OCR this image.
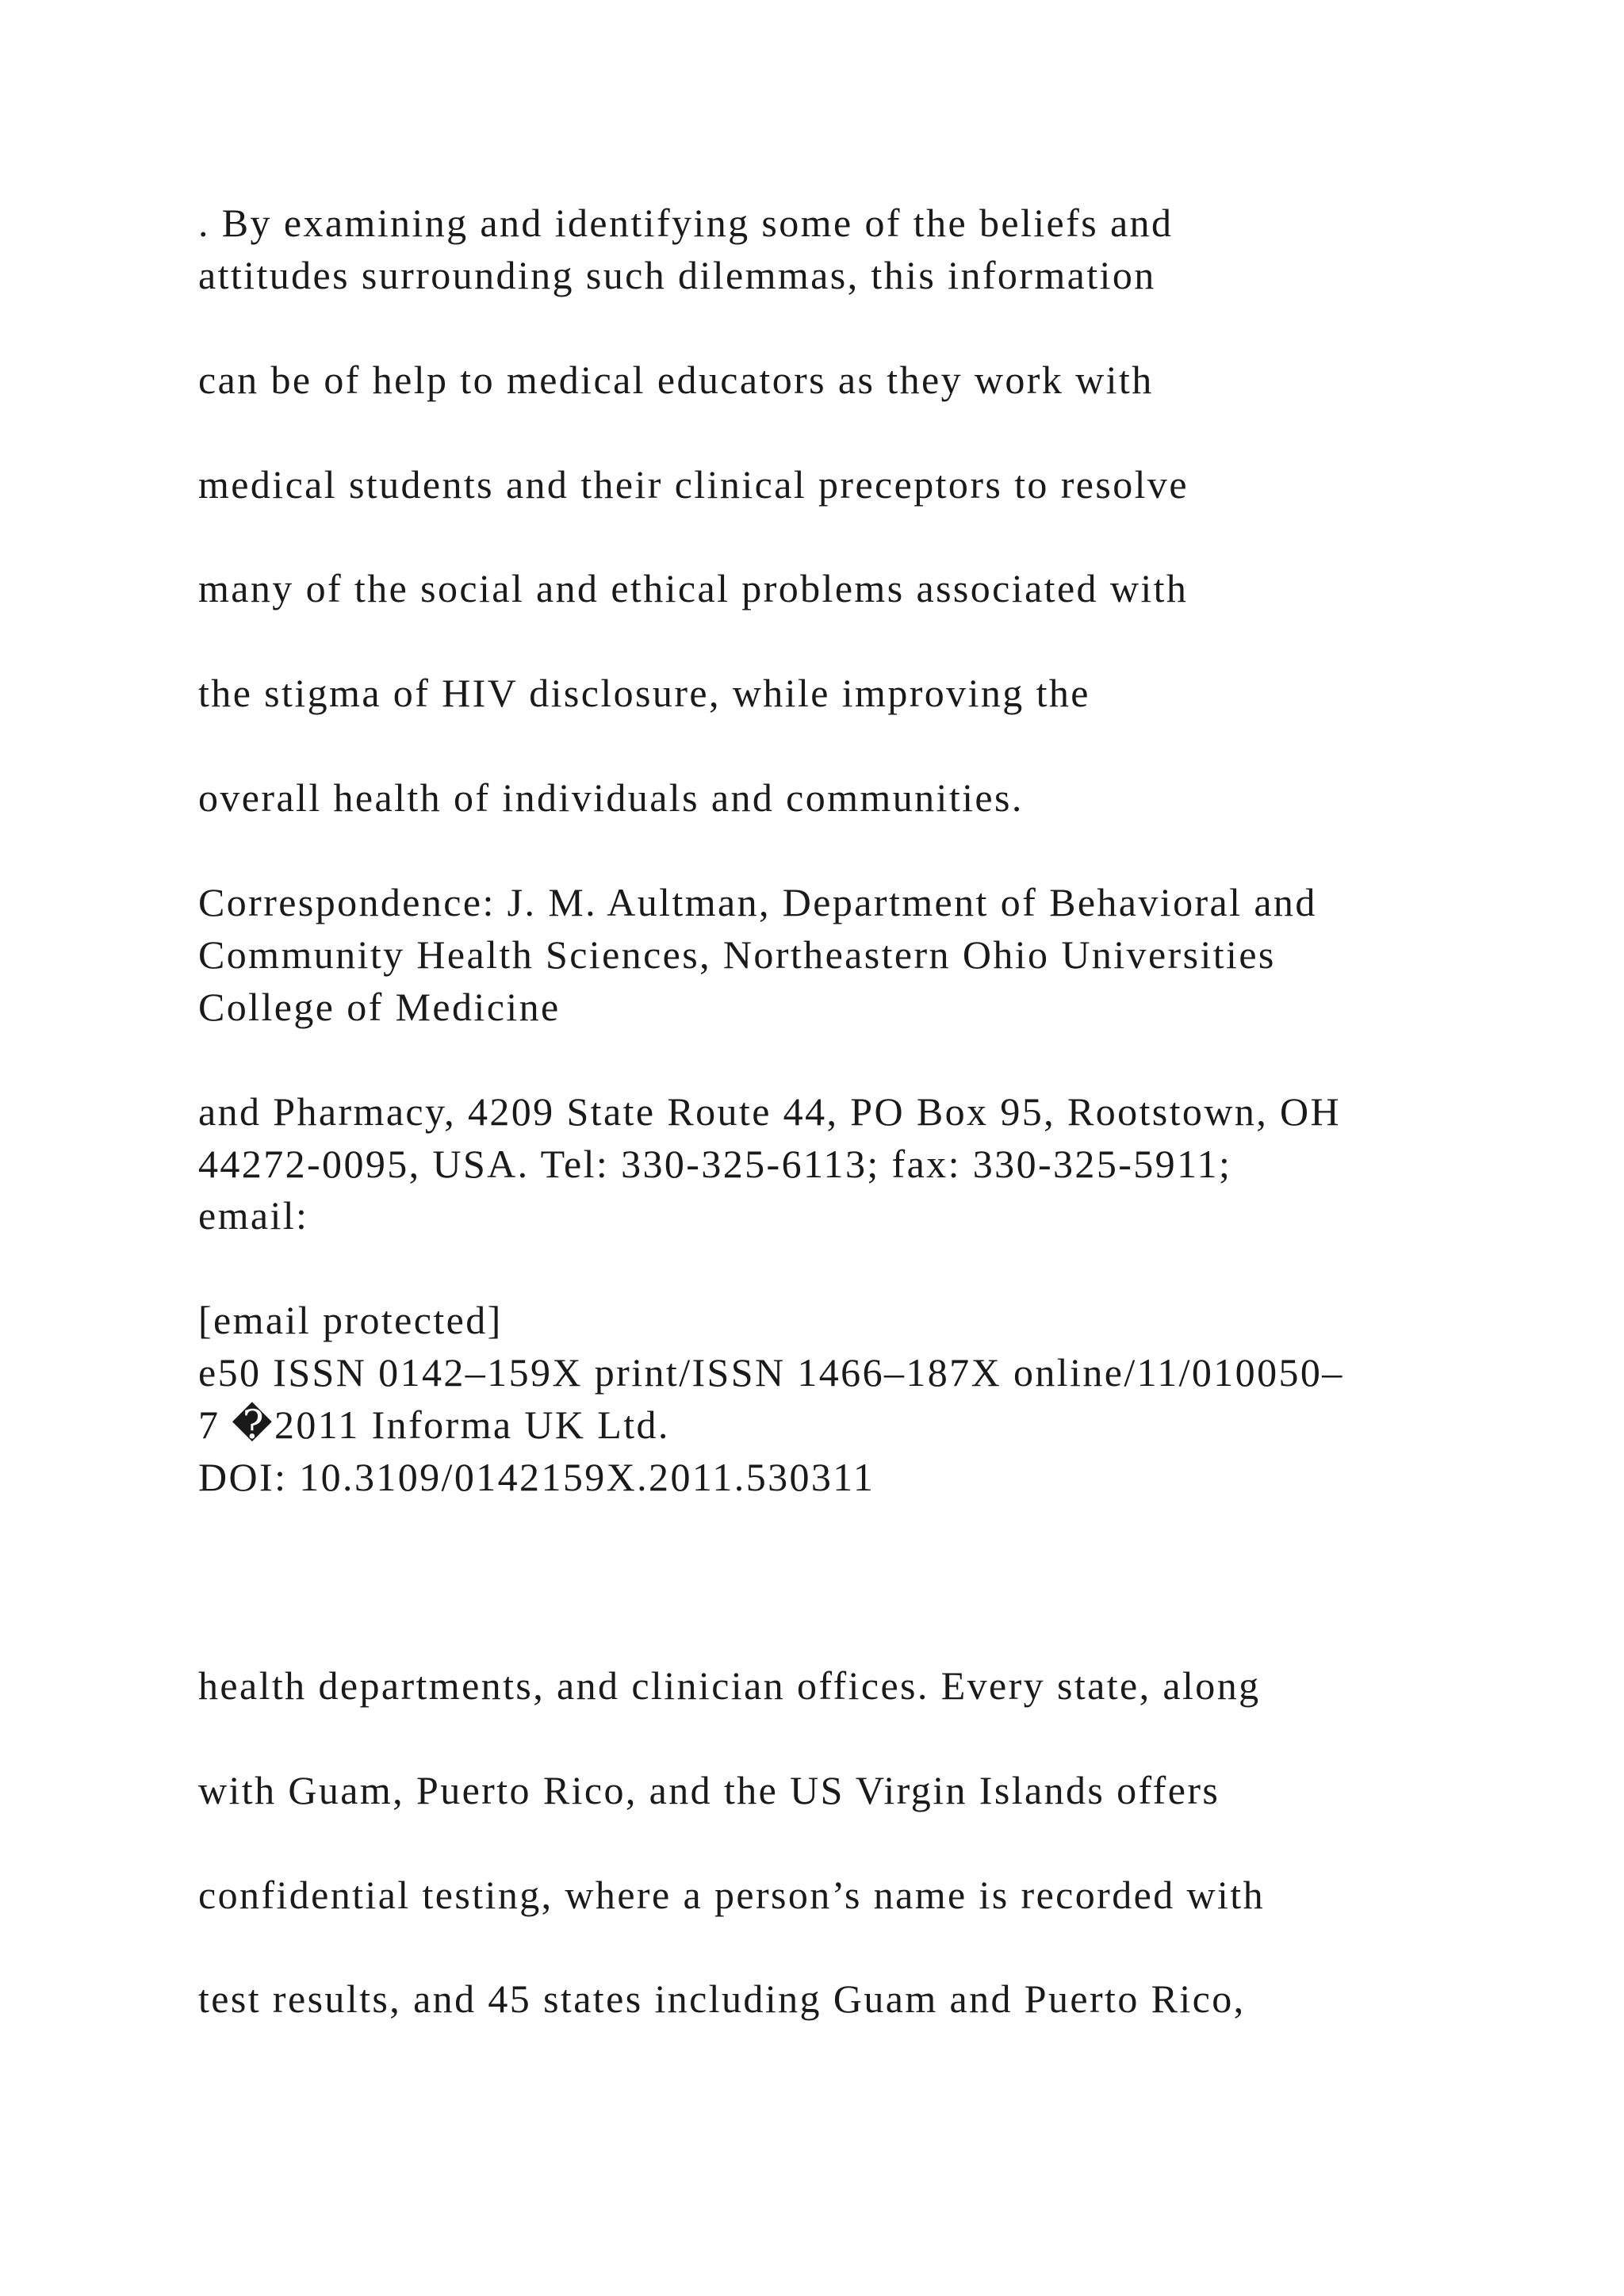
. By examining and identifying some of the beliefs and

attitudes surrounding such dilemmas, this information

can be of help to medical educators as they work with

medical students and their clinical preceptors to resolve

many of the social and ethical problems associated with

the stigma of HIV disclosure, while improving the

overall health of individuals and communities.

Correspondence: J. M. Aultman, Department of Behavioral and

Community Health Sciences, Northeastern Ohio Universities

College of Medicine

and Pharmacy, 4209 State Route 44, PO Box 95, Rootstown, OH

44272-0095, USA. Tel: 330-325-6113; fax: 330-325-5911;

email:

[email protected]

e50 ISSN 0142–159X print/ISSN 1466–187X online/11/010050–

7 �2011 Informa UK Ltd.

DOI: 10.3109/0142159X.2011.530311

health departments, and clinician offices. Every state, along

with Guam, Puerto Rico, and the US Virgin Islands offers

confidential testing, where a person’s name is recorded with

test results, and 45 states including Guam and Puerto Rico,
